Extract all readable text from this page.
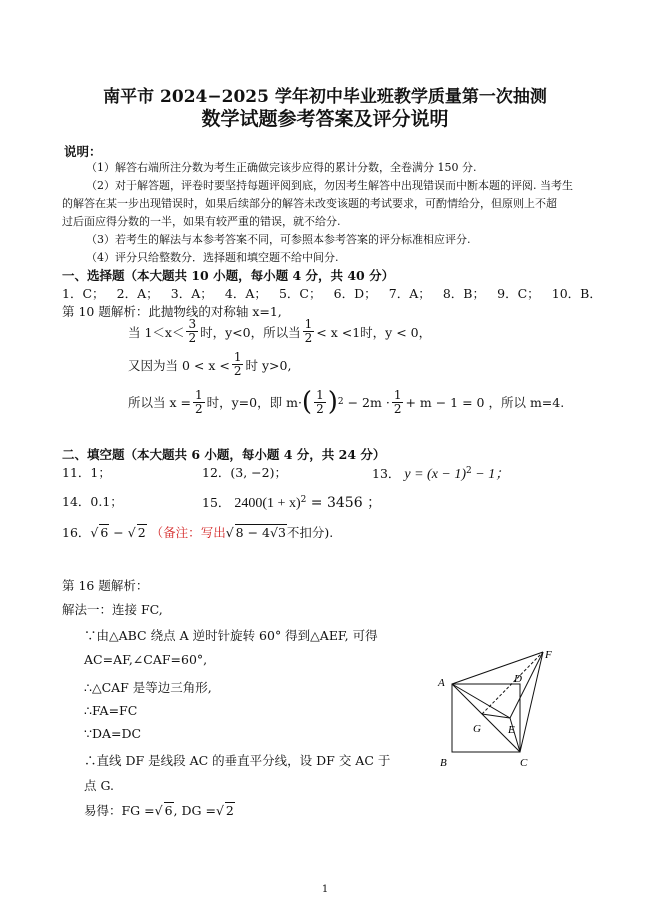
南平市 2024−2025 学年初中毕业班教学质量第一次抽测
数学试题参考答案及评分说明
说明：
（1）解答右端所注分数为考生正确做完该步应得的累计分数，全卷满分 150 分.
（2）对于解答题，评卷时要坚持每题评阅到底，勿因考生解答中出现错误而中断本题的评阅. 当考生
的解答在某一步出现错误时，如果后续部分的解答未改变该题的考试要求，可酌情给分，但原则上不超
过后面应得分数的一半，如果有较严重的错误，就不给分.
（3）若考生的解法与本参考答案不同，可参照本参考答案的评分标准相应评分.
（4）评分只给整数分．选择题和填空题不给中间分.
一、选择题（本大题共 10 小题，每小题 4 分，共 40 分）
1．C； 2．A； 3．A； 4．A； 5．C； 6．D； 7．A； 8．B； 9．C； 10．B．
第 10 题解析：此抛物线的对称轴 x=1,
当 $1<x< \frac{3}{2}$ 时，y<0，所以当 $\frac{1}{2} < x <1$时，y < 0，
又因为当 $0 < x < \frac{1}{2}$ 时 y>0,
所以当 $x = \frac{1}{2}$ 时，y=0，即 m· ( $\frac{1}{2}$ ) $2 - 2m \cdot \frac{1}{2} + m - 1 = 0$ ，所以 m=4.
二、填空题（本大题共 6 小题，每小题 4 分，共 24 分）
11．1；	12．(3, −2)；	13． $y = (x - 1)^2 - 1$；
14．0.1；	15． $2400(1 + x)^2 = 3456$ ；
16． √ 6 − √ 2 （备注： 写出 √ 8 − 4√3 不扣分).
第 16 题解析：
解法一：连接 FC,
∵由△ABC 绕点 A 逆时针旋转 60° 得到△AEF, 可得
AC=AF,∠CAF=60°,
∴△CAF 是等边三角形,
∴FA=FC
∵DA=DC
∴直线 DF 是线段 AC 的垂直平分线，设 DF 交 AC 于
点 G.
易得：FG = √ 6 , DG = √ 2
A
B	C
D
E
F
G
1
